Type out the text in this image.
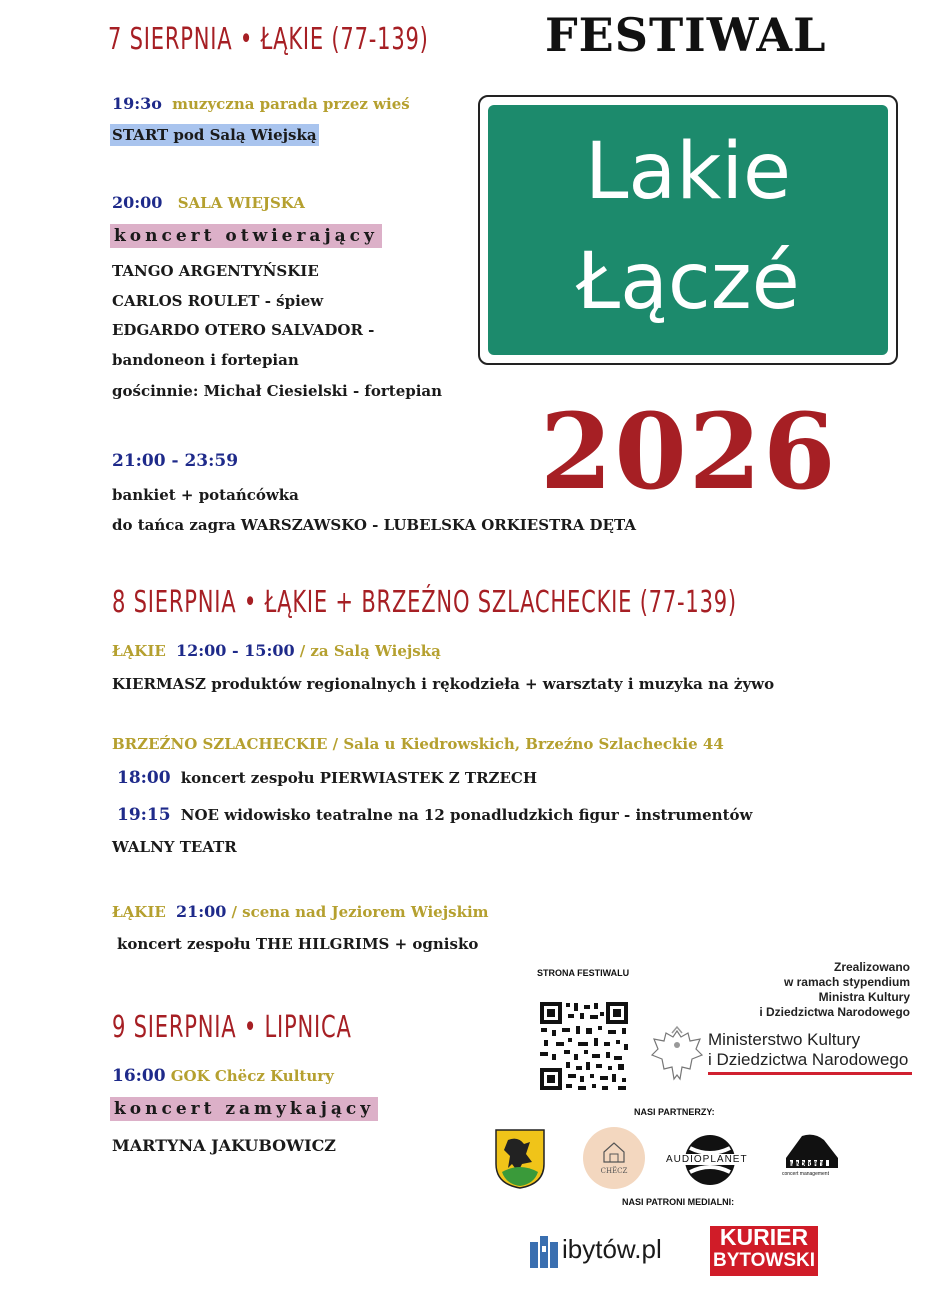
7 SIERPNIA • ŁĄKIE (77-139)
19:3o muzyczna parada przez wieś
START pod Salą Wiejską
20:00 SALA WIEJSKA
koncert otwierający
TANGO ARGENTYŃSKIE
CARLOS ROULET - śpiew
EDGARDO OTERO SALVADOR -
bandoneon i fortepian
gościnnie: Michał Ciesielski - fortepian
21:00 - 23:59
bankiet + potańcówka
do tańca zagra WARSZAWSKO - LUBELSKA ORKIESTRA DĘTA
FESTIWAL
Lakie
Łączé
2026
8 SIERPNIA • ŁĄKIE + BRZEŹNO SZLACHECKIE (77-139)
ŁĄKIE 12:00 - 15:00 / za Salą Wiejską
KIERMASZ produktów regionalnych i rękodzieła + warsztaty i muzyka na żywo
BRZEŹNO SZLACHECKIE / Sala u Kiedrowskich, Brzeźno Szlacheckie 44
18:00 koncert zespołu PIERWIASTEK Z TRZECH
19:15 NOE widowisko teatralne na 12 ponadludzkich figur - instrumentów
WALNY TEATR
ŁĄKIE 21:00 / scena nad Jeziorem Wiejskim
koncert zespołu THE HILGRIMS + ognisko
9 SIERPNIA • LIPNICA
16:00 GOK Chëcz Kultury
koncert zamykający
MARTYNA JAKUBOWICZ
STRONA FESTIWALU	Zrealizowano
w ramach stypendium
Ministra Kultury
i Dziedzictwa Narodowego
Ministerstwo Kultury
i Dziedzictwa Narodowego
NASI PARTNERZY:
CHËCZ
AUDIOPLANET	PIANOFORTE
concert management
NASI PATRONI MEDIALNI:
ibytów.pl	KURIER
BYTOWSKI
